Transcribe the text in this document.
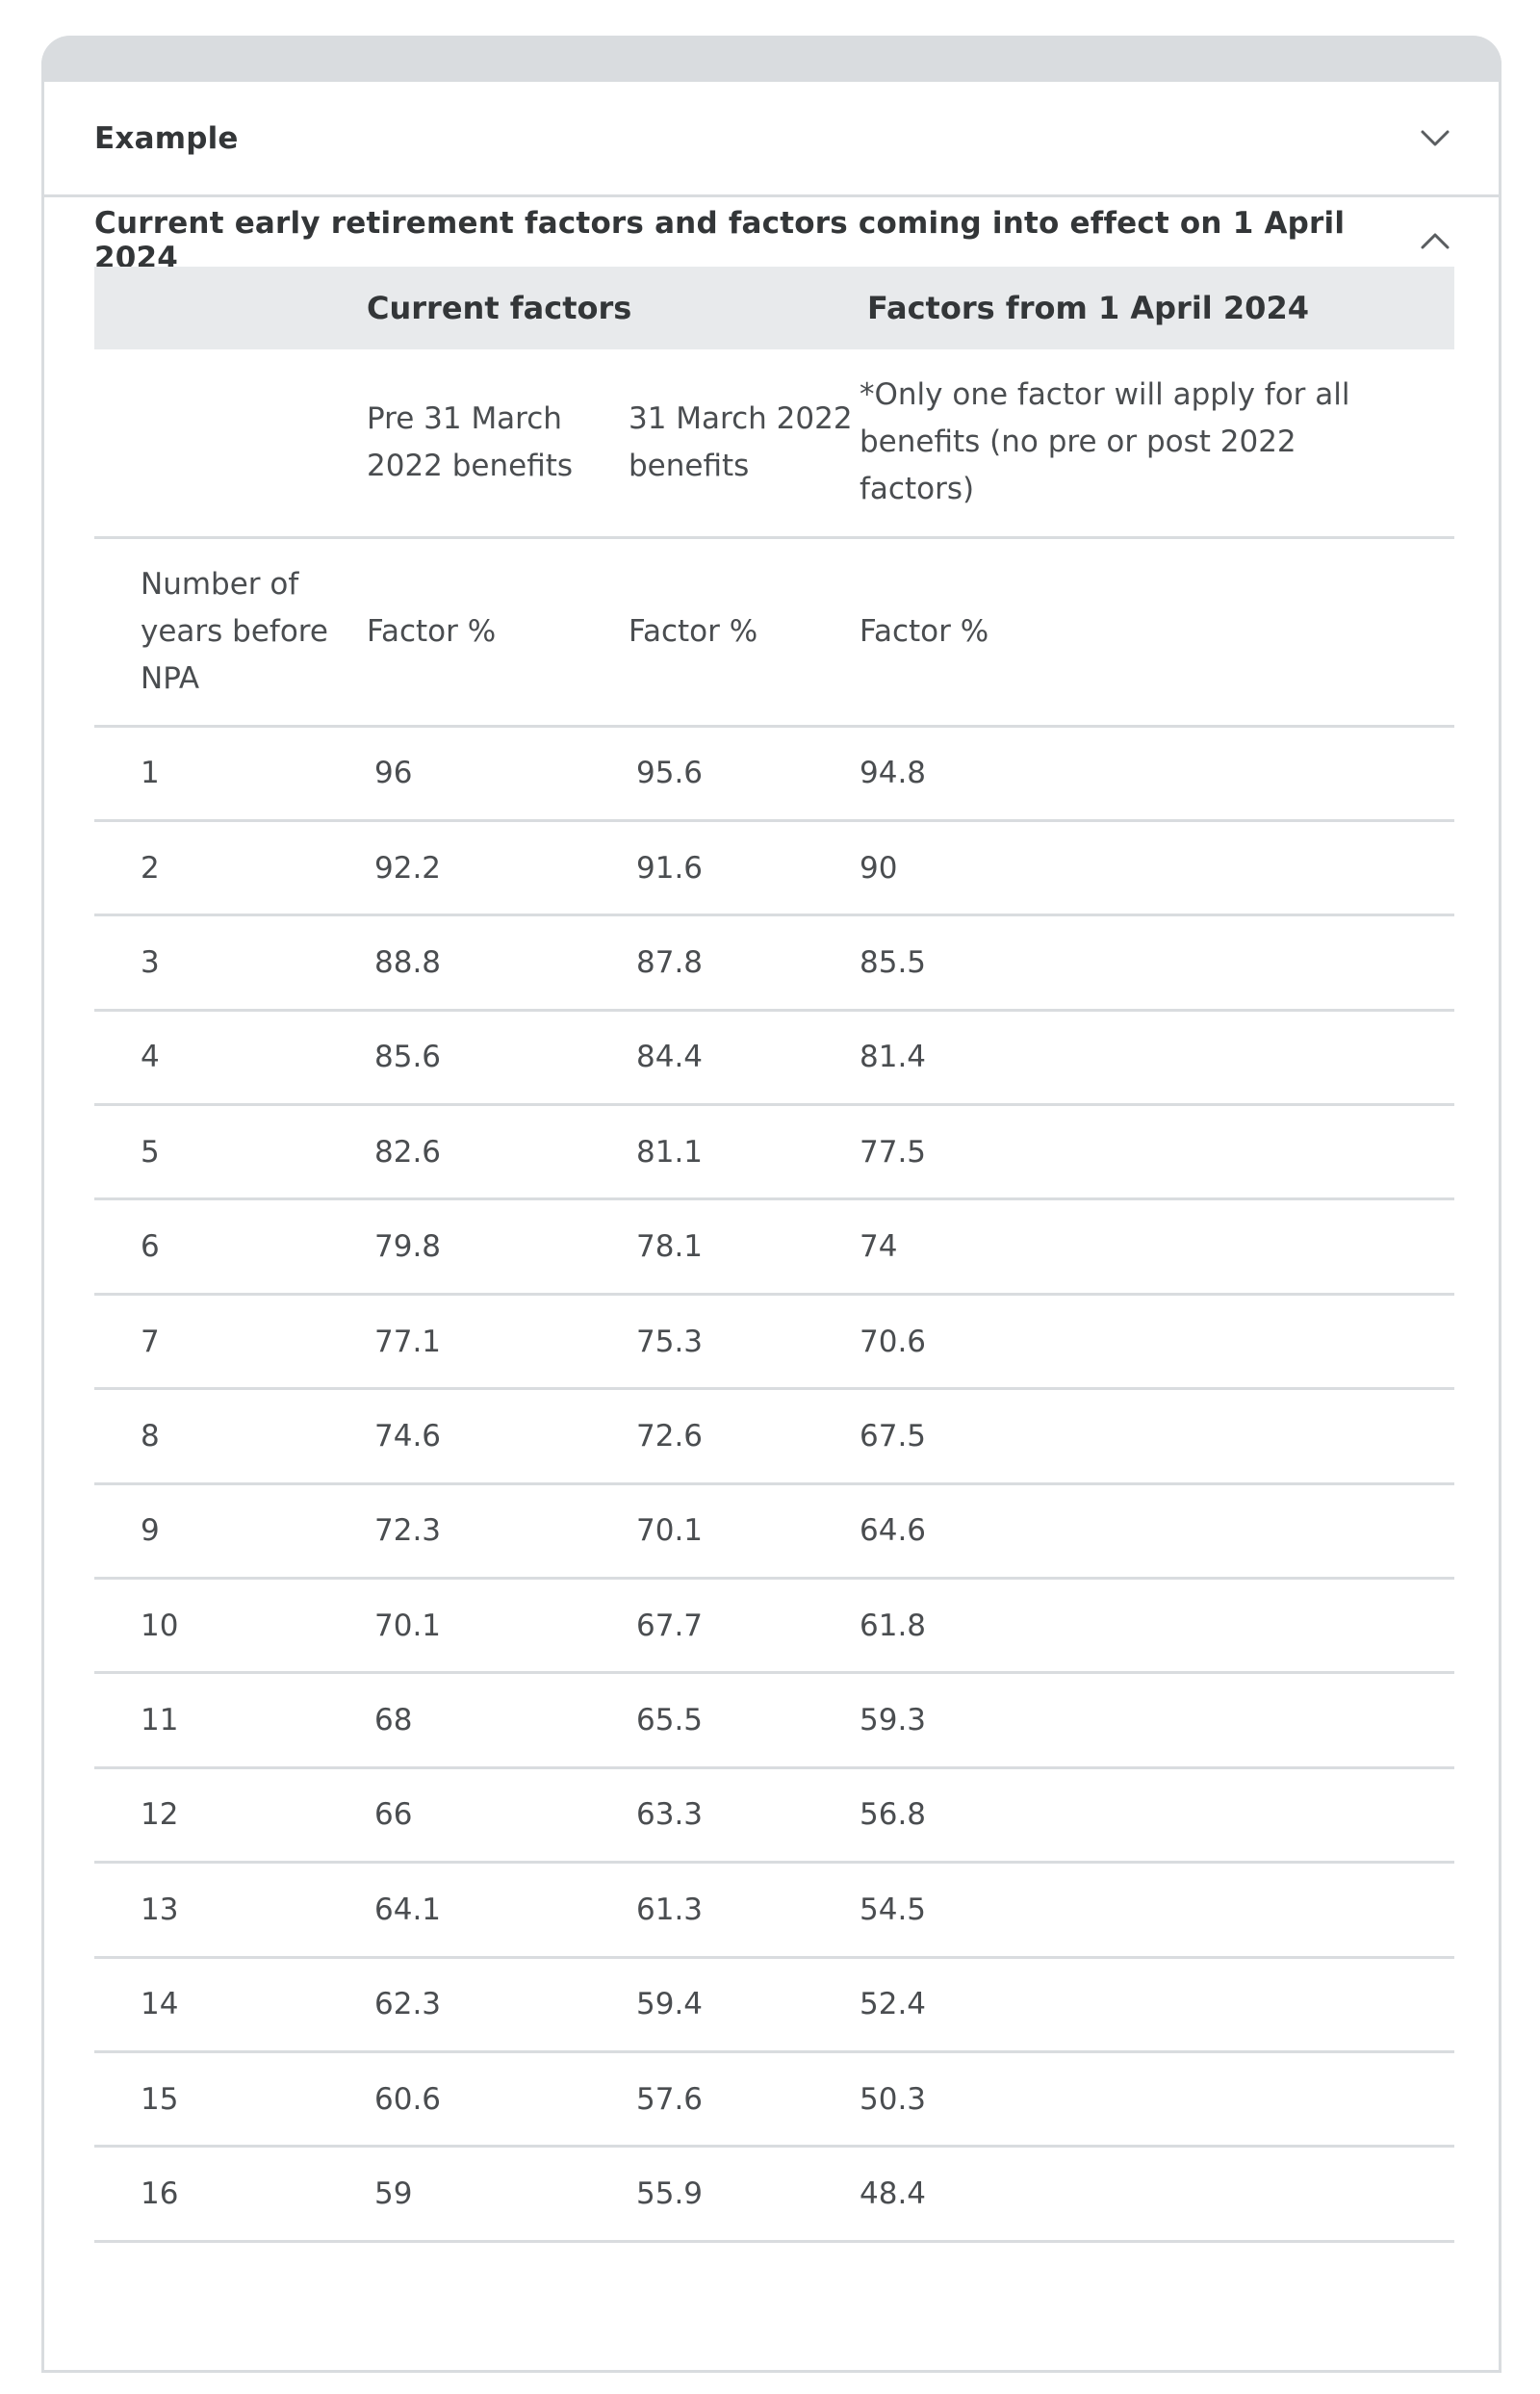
Example
Current early retirement factors and factors coming into effect on 1 April 2024
	Current factors		Factors from 1 April 2024
	Pre 31 March 2022 benefits	31 March 2022 benefits	*Only one factor will apply for all benefits (no pre or post 2022 factors)
Number of years before NPA	Factor %	Factor %	Factor %
1	96	95.6	94.8
2	92.2	91.6	90
3	88.8	87.8	85.5
4	85.6	84.4	81.4
5	82.6	81.1	77.5
6	79.8	78.1	74
7	77.1	75.3	70.6
8	74.6	72.6	67.5
9	72.3	70.1	64.6
10	70.1	67.7	61.8
11	68	65.5	59.3
12	66	63.3	56.8
13	64.1	61.3	54.5
14	62.3	59.4	52.4
15	60.6	57.6	50.3
16	59	55.9	48.4
